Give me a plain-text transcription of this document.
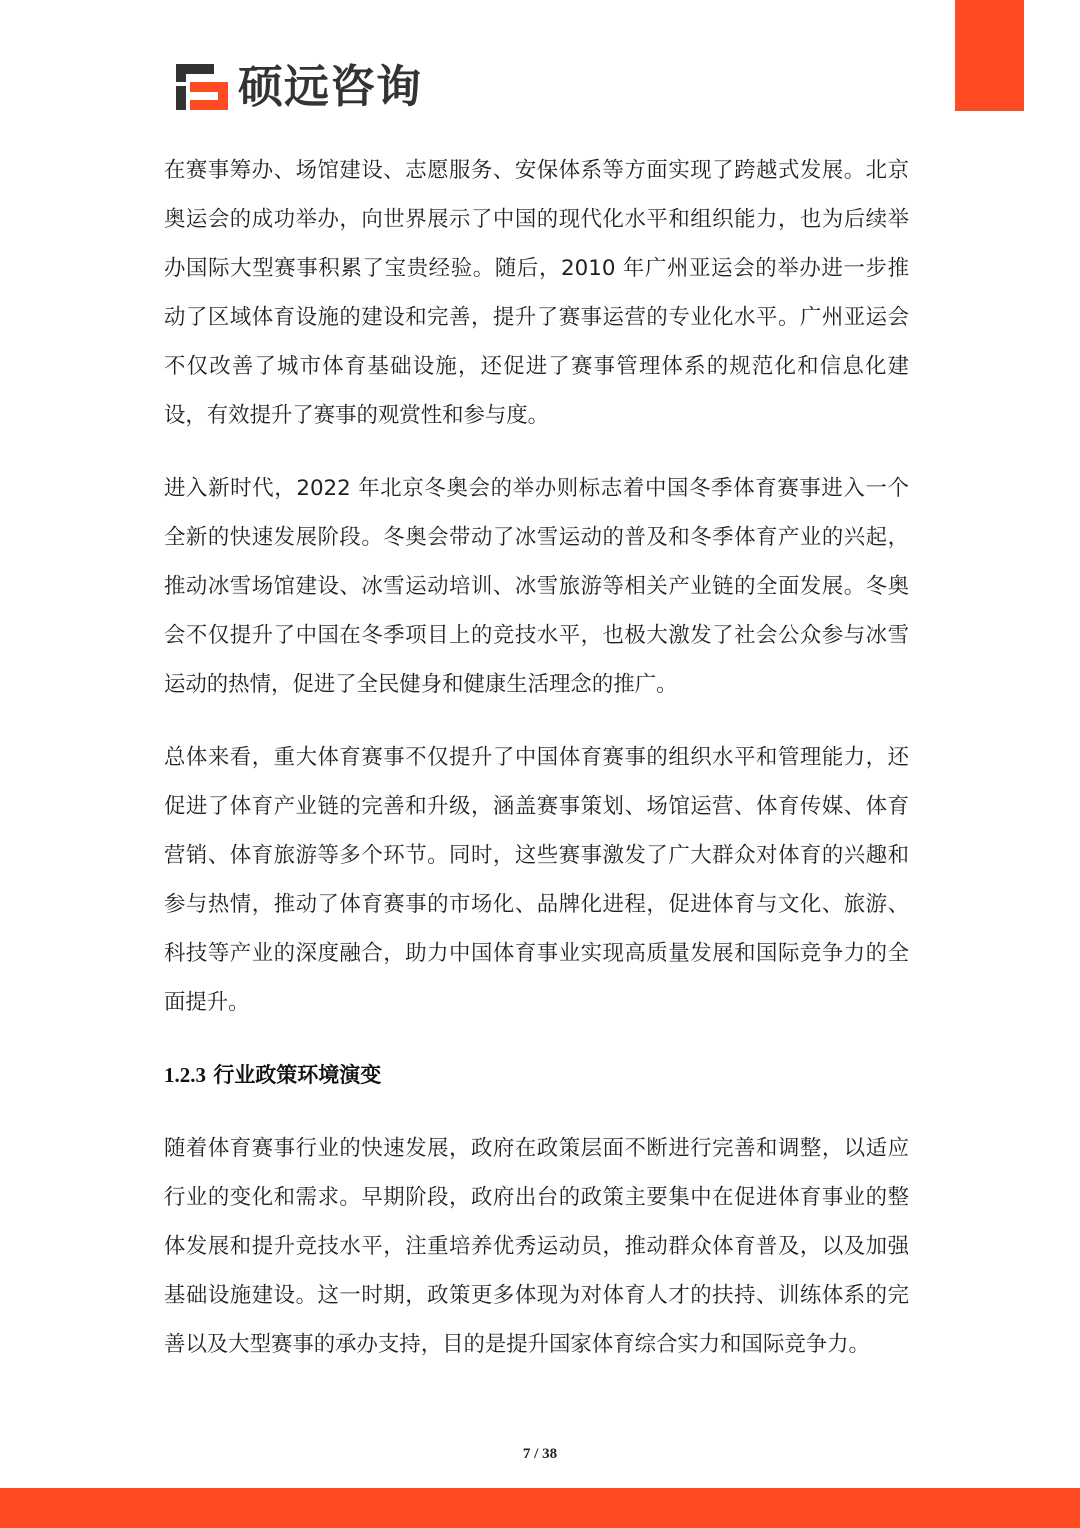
硕远咨询

在赛事筹办、场馆建设、志愿服务、安保体系等方面实现了跨越式发展。北京奥运会的成功举办，向世界展示了中国的现代化水平和组织能力，也为后续举办国际大型赛事积累了宝贵经验。随后，2010 年广州亚运会的举办进一步推动了区域体育设施的建设和完善，提升了赛事运营的专业化水平。广州亚运会不仅改善了城市体育基础设施，还促进了赛事管理体系的规范化和信息化建设，有效提升了赛事的观赏性和参与度。

进入新时代，2022 年北京冬奥会的举办则标志着中国冬季体育赛事进入一个全新的快速发展阶段。冬奥会带动了冰雪运动的普及和冬季体育产业的兴起，推动冰雪场馆建设、冰雪运动培训、冰雪旅游等相关产业链的全面发展。冬奥会不仅提升了中国在冬季项目上的竞技水平，也极大激发了社会公众参与冰雪运动的热情，促进了全民健身和健康生活理念的推广。

总体来看，重大体育赛事不仅提升了中国体育赛事的组织水平和管理能力，还促进了体育产业链的完善和升级，涵盖赛事策划、场馆运营、体育传媒、体育营销、体育旅游等多个环节。同时，这些赛事激发了广大群众对体育的兴趣和参与热情，推动了体育赛事的市场化、品牌化进程，促进体育与文化、旅游、科技等产业的深度融合，助力中国体育事业实现高质量发展和国际竞争力的全面提升。

1.2.3 行业政策环境演变

随着体育赛事行业的快速发展，政府在政策层面不断进行完善和调整，以适应行业的变化和需求。早期阶段，政府出台的政策主要集中在促进体育事业的整体发展和提升竞技水平，注重培养优秀运动员，推动群众体育普及，以及加强基础设施建设。这一时期，政策更多体现为对体育人才的扶持、训练体系的完善以及大型赛事的承办支持，目的是提升国家体育综合实力和国际竞争力。

7 / 38
